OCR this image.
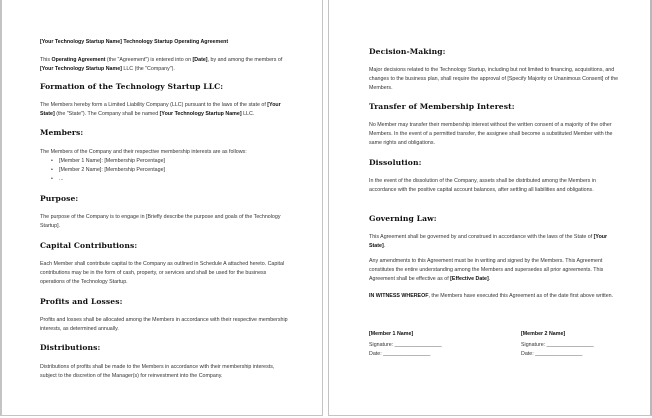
[Your Technology Startup Name] Technology Startup Operating Agreement
This Operating Agreement (the "Agreement") is entered into on [Date], by and among the members of [Your Technology Startup Name] LLC (the "Company").
Formation of the Technology Startup LLC:
The Members hereby form a Limited Liability Company (LLC) pursuant to the laws of the state of [Your State] (the "State"). The Company shall be named [Your Technology Startup Name] LLC.
Members:
The Members of the Company and their respective membership interests are as follows:
• [Member 1 Name]: [Membership Percentage]
• [Member 2 Name]: [Membership Percentage]
• ...
Purpose:
The purpose of the Company is to engage in [Briefly describe the purpose and goals of the Technology Startup].
Capital Contributions:
Each Member shall contribute capital to the Company as outlined in Schedule A attached hereto. Capital contributions may be in the form of cash, property, or services and shall be used for the business operations of the Technology Startup.
Profits and Losses:
Profits and losses shall be allocated among the Members in accordance with their respective membership interests, as determined annually.
Distributions:
Distributions of profits shall be made to the Members in accordance with their membership interests, subject to the discretion of the Manager(s) for reinvestment into the Company.
Decision-Making:
Major decisions related to the Technology Startup, including but not limited to financing, acquisitions, and changes to the business plan, shall require the approval of [Specify Majority or Unanimous Consent] of the Members.
Transfer of Membership Interest:
No Member may transfer their membership interest without the written consent of a majority of the other Members. In the event of a permitted transfer, the assignee shall become a substituted Member with the same rights and obligations.
Dissolution:
In the event of the dissolution of the Company, assets shall be distributed among the Members in accordance with the positive capital account balances, after settling all liabilities and obligations.
Governing Law:
This Agreement shall be governed by and construed in accordance with the laws of the State of [Your State].
Any amendments to this Agreement must be in writing and signed by the Members. This Agreement constitutes the entire understanding among the Members and supersedes all prior agreements. This Agreement shall be effective as of [Effective Date].
IN WITNESS WHEREOF, the Members have executed this Agreement as of the date first above written.
[Member 1 Name]
Signature: ________________
Date: ________________
[Member 2 Name]
Signature: ________________
Date: ________________
